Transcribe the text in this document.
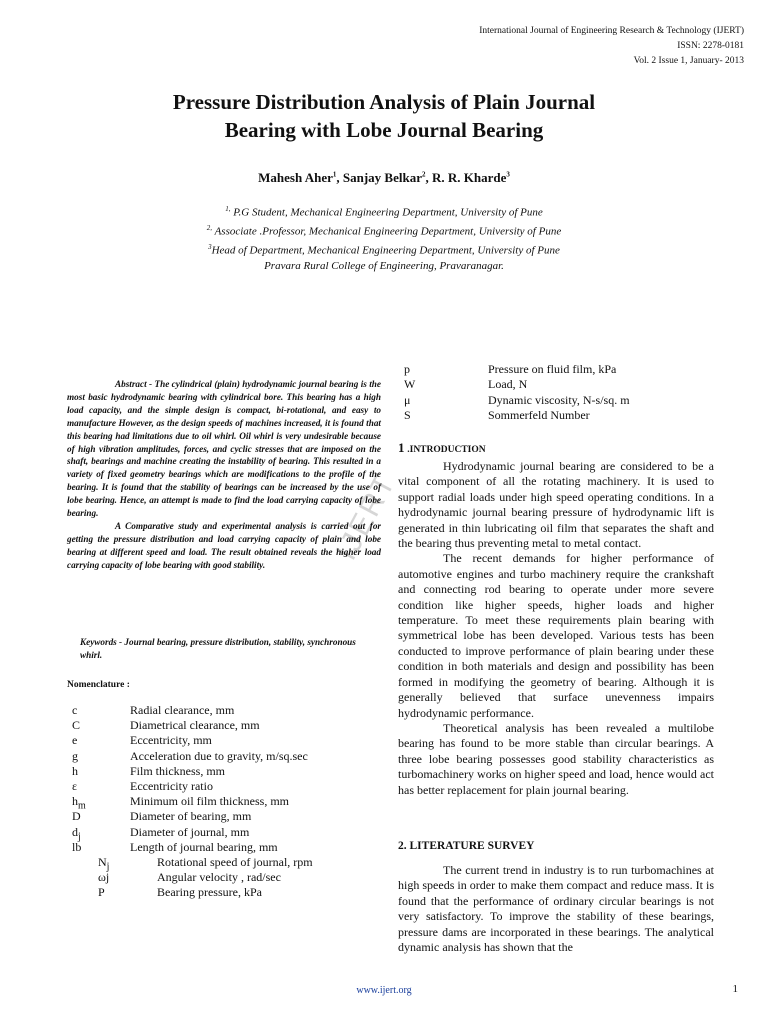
International Journal of Engineering Research & Technology (IJERT)
ISSN: 2278-0181
Vol. 2 Issue 1, January- 2013
Pressure Distribution Analysis of Plain Journal
Bearing with Lobe Journal Bearing
Mahesh Aher$^1$, Sanjay Belkar$^2$, R. R. Kharde$^3$
$^{1,}$ P.G Student, Mechanical Engineering Department, University of Pune
$^{2,}$ Associate .Professor, Mechanical Engineering Department, University of Pune
$^3$Head of Department, Mechanical Engineering Department, University of Pune
Pravara Rural College of Engineering, Pravaranagar.

Abstract - The cylindrical (plain) hydrodynamic journal bearing is the most basic hydrodynamic bearing with cylindrical bore. This bearing has a high load capacity, and the simple design is compact, bi-rotational, and easy to manufacture However, as the design speeds of machines increased, it is found that this bearing had limitations due to oil whirl. Oil whirl is very undesirable because of high vibration amplitudes, forces, and cyclic stresses that are imposed on the shaft, bearings and machine creating the instability of bearing. This resulted in a variety of fixed geometry bearings which are modifications to the profile of the bearing. It is found that the stability of bearings can be increased by the use of lobe bearing. Hence, an attempt is made to find the load carrying capacity of lobe bearing.

A Comparative study and experimental analysis is carried out for getting the pressure distribution and load carrying capacity of plain and lobe bearing at different speed and load. The result obtained reveals the higher load carrying capacity of lobe bearing with good stability.

Keywords - Journal bearing, pressure distribution, stability, synchronous whirl.
Nomenclature :
c	Radial clearance, mm
C	Diametrical clearance, mm
e	Eccentricity, mm
g	Acceleration due to gravity, m/sq.sec
h	Film thickness, mm
ε	Eccentricity ratio
$h_m$	Minimum oil film thickness, mm
D	Diameter of bearing, mm
$d_j$	Diameter of journal, mm
lb	Length of journal bearing, mm
$N_j$	Rotational speed of journal, rpm
ωj	Angular velocity , rad/sec
P	Bearing pressure, kPa
p	Pressure on fluid film, kPa
W	Load, N
μ	Dynamic viscosity, N-s/sq. m
S	Sommerfeld Number
1 .INTRODUCTION

Hydrodynamic journal bearing are considered to be a vital component of all the rotating machinery. It is used to support radial loads under high speed operating conditions. In a hydrodynamic journal bearing pressure of hydrodynamic lift is generated in thin lubricating oil film that separates the shaft and the bearing thus preventing metal to metal contact.

The recent demands for higher performance of automotive engines and turbo machinery require the crankshaft and connecting rod bearing to operate under more severe condition like higher speeds, higher loads and higher temperature. To meet these requirements plain bearing with symmetrical lobe has been developed. Various tests has been conducted to improve performance of plain bearing under these condition in both materials and design and possibility has been formed in modifying the geometry of bearing. Although it is generally believed that surface unevenness impairs hydrodynamic performance.

Theoretical analysis has been revealed a multilobe bearing has found to be more stable than circular bearings. A three lobe bearing possesses good stability characteristics as turbomachinery works on higher speed and load, hence would act has better replacement for plain journal bearing.

2. LITERATURE SURVEY

The current trend in industry is to run turbomachines at high speeds in order to make them compact and reduce mass. It is found that the performance of ordinary circular bearings is not very satisfactory. To improve the stability of these bearings, pressure dams are incorporated in these bearings. The analytical dynamic analysis has shown that the

IJERT
www.ijert.org	1
